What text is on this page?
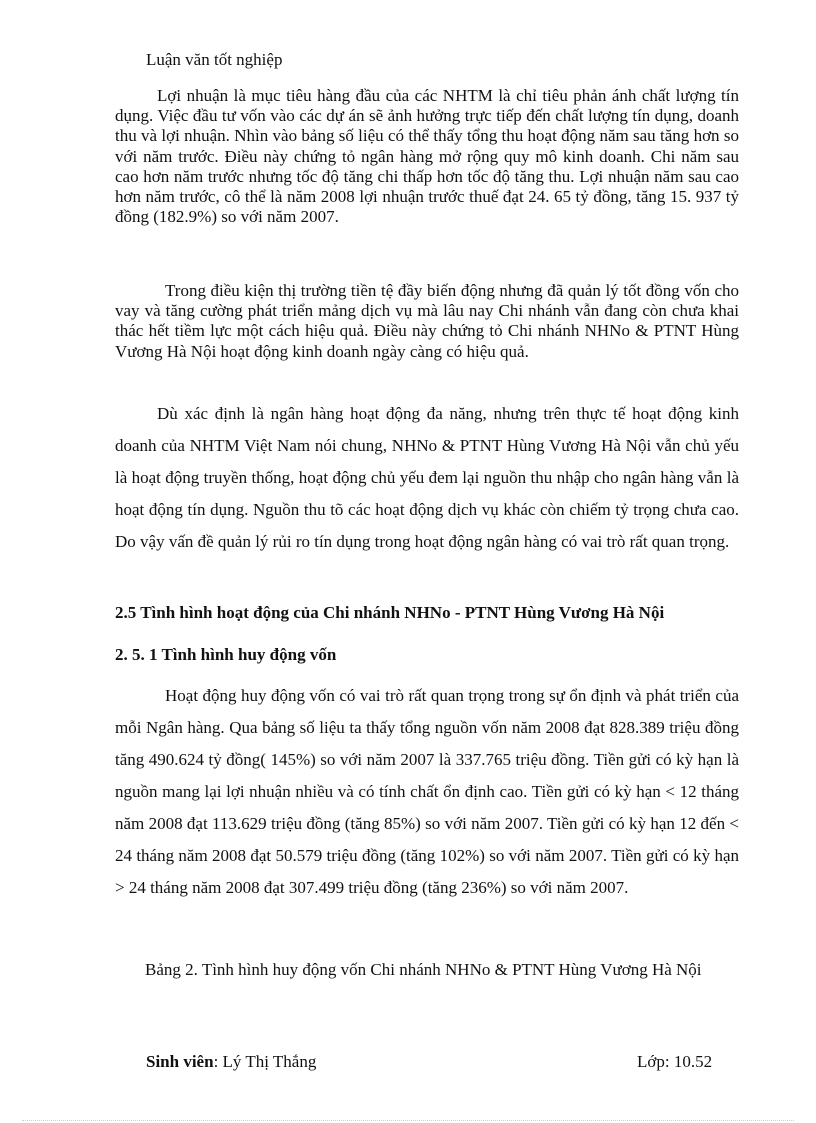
Luận văn tốt nghiệp

Lợi nhuận là mục tiêu hàng đầu của các NHTM là chỉ tiêu phản ánh chất lượng tín dụng. Việc đầu tư vốn vào các dự án sẽ ảnh hưởng trực tiếp đến chất lượng tín dụng, doanh thu và lợi nhuận. Nhìn vào bảng số liệu có thể thấy tổng thu hoạt động năm sau tăng hơn so với năm trước. Điều này chứng tỏ ngân hàng mở rộng quy mô kinh doanh. Chi năm sau cao hơn năm trước nhưng tốc độ tăng chi thấp hơn tốc độ tăng thu. Lợi nhuận năm sau cao hơn năm trước, cô thể là năm 2008 lợi nhuận trước thuế đạt 24. 65 tỷ đồng, tăng 15. 937 tỷ đồng (182.9%) so với năm 2007.

Trong điều kiện thị trường tiền tệ đầy biến động nhưng đã quản lý tốt đồng vốn cho vay và tăng cường phát triển mảng dịch vụ mà lâu nay Chi nhánh vẫn đang còn chưa khai thác hết tiềm lực một cách hiệu quả. Điều này chứng tỏ Chi nhánh NHNo & PTNT Hùng Vương Hà Nội hoạt động kinh doanh ngày càng có hiệu quả.

Dù xác định là ngân hàng hoạt động đa năng, nhưng trên thực tế hoạt động kinh doanh của NHTM Việt Nam nói chung, NHNo & PTNT Hùng Vương Hà Nội vẫn chủ yếu là hoạt động truyền thống, hoạt động chủ yếu đem lại nguồn thu nhập cho ngân hàng vẫn là hoạt động tín dụng. Nguồn thu tõ các hoạt động dịch vụ khác còn chiếm tỷ trọng chưa cao. Do vậy vấn đề quản lý rủi ro tín dụng trong hoạt động ngân hàng có vai trò rất quan trọng.

2.5 Tình hình hoạt động của Chi nhánh NHNo - PTNT Hùng Vương Hà Nội
2. 5. 1 Tình hình huy động vốn

Hoạt động huy động vốn có vai trò rất quan trọng trong sự ổn định và phát triển của mỗi Ngân hàng. Qua bảng số liệu ta thấy tổng nguồn vốn năm 2008 đạt 828.389 triệu đồng tăng 490.624 tỷ đồng( 145%) so với năm 2007 là 337.765 triệu đồng. Tiền gửi có kỳ hạn là nguồn mang lại lợi nhuận nhiều và có tính chất ổn định cao. Tiền gửi có kỳ hạn < 12 tháng năm 2008 đạt 113.629 triệu đồng (tăng 85%) so với năm 2007. Tiền gửi có kỳ hạn 12 đến < 24 tháng năm 2008 đạt 50.579 triệu đồng (tăng 102%) so với năm 2007. Tiền gửi có kỳ hạn > 24 tháng năm 2008 đạt 307.499 triệu đồng (tăng 236%) so với năm 2007.

Bảng 2. Tình hình huy động vốn Chi nhánh NHNo & PTNT Hùng Vương Hà Nội

Sinh viên: Lý Thị Thắng	Lớp: 10.52
